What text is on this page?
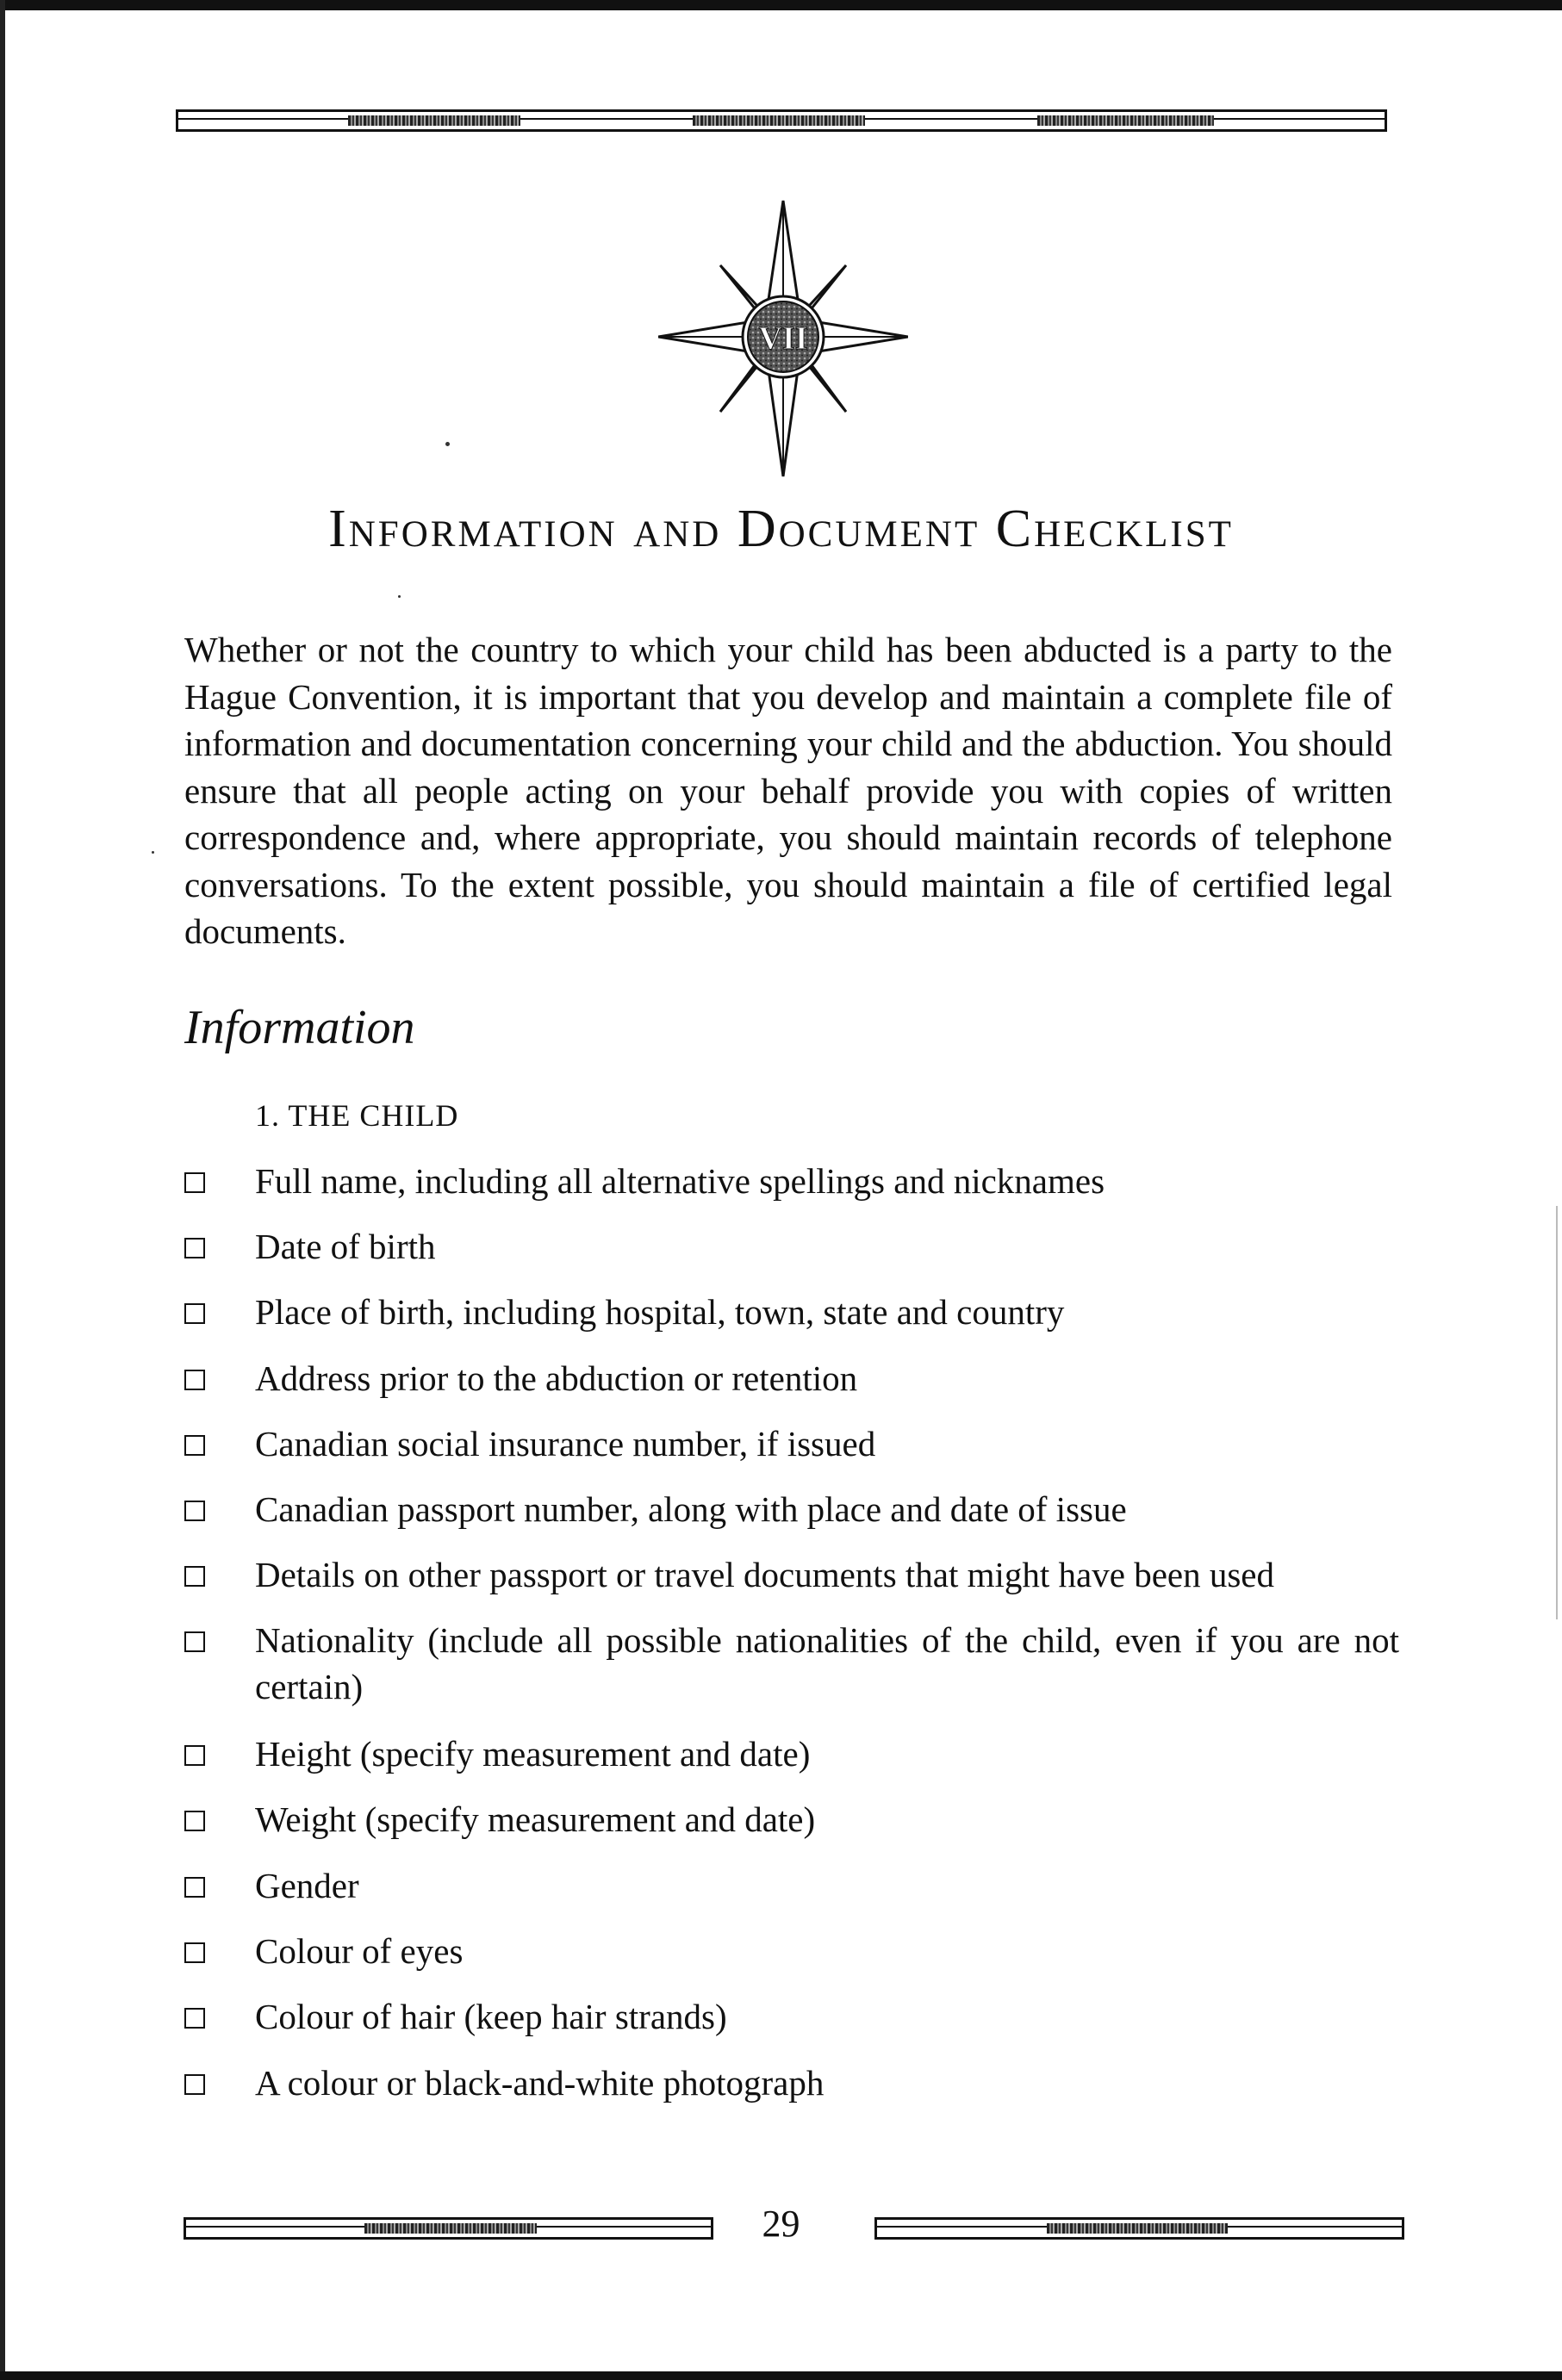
VII
Information and Document Checklist

Whether or not the country to which your child has been abducted is a party to the Hague Convention, it is important that you develop and maintain a complete file of information and documentation concerning your child and the abduction. You should ensure that all people acting on your behalf provide you with copies of written correspondence and, where appropriate, you should maintain records of telephone conversations. To the extent possible, you should maintain a file of certified legal documents.

Information
1. THE CHILD
Full name, including all alternative spellings and nicknames
Date of birth
Place of birth, including hospital, town, state and country
Address prior to the abduction or retention
Canadian social insurance number, if issued
Canadian passport number, along with place and date of issue
Details on other passport or travel documents that might have been used
Nationality (include all possible nationalities of the child, even if you are not certain)
Height (specify measurement and date)
Weight (specify measurement and date)
Gender
Colour of eyes
Colour of hair (keep hair strands)
A colour or black-and-white photograph
29
